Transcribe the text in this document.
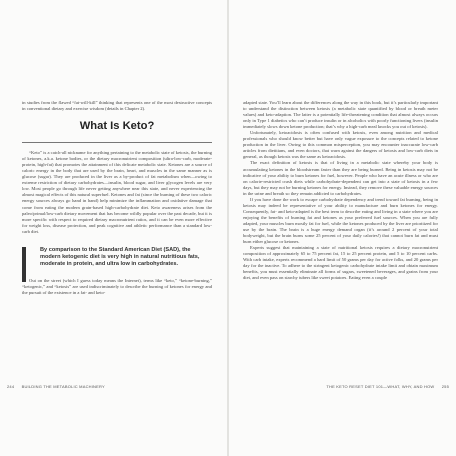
in studies from the flawed “fat-will-kill” thinking that represents one of the most destructive concepts in conventional dietary and exercise wisdom (details in Chapter 2).

What Is Keto?

“Keto” is a catch-all nickname for anything pertaining to the metabolic state of ketosis, the burning of ketones, a.k.a. ketone bodies, or the dietary macronutrient composition (ultra-low-carb, moderate-protein, high-fat) that promotes the attainment of this delicate metabolic state. Ketones are a source of caloric energy in the body that are used by the brain, heart, and muscles in the same manner as is glucose (sugar). They are produced in the liver as a by-product of fat metabolism when—owing to extreme restriction of dietary carbohydrates—insulin, blood sugar, and liver glycogen levels are very low. Most people go through life never getting anywhere near this state, and never experiencing the almost magical effects of this natural superfuel. Ketones and fat (since the burning of these two caloric energy sources always go hand in hand) help minimize the inflammation and oxidative damage that come from eating the modern grain-based high-carbohydrate diet. Keto awareness arises from the paleo/primal/low-carb dietary movement that has become wildly popular over the past decade, but it is more specific with respect to required dietary macronutrient ratios, and it can be even more effective for weight loss, disease protection, and peak cognitive and athletic performance than a standard low-carb diet.

By comparison to the Standard American Diet (SAD), the modern ketogenic diet is very high in natural nutritious fats, moderate in protein, and ultra low in carbohydrates.

Out on the street (which I guess today means the Internet), terms like “keto,” “ketone-burning,” “ketogenic,” and “ketosis” are used indiscriminately to describe the burning of ketones for energy and the pursuit of the existence in a fat- and keto-

244 BUILDING THE METABOLIC MACHINERY

adapted state. You’ll learn about the differences along the way in this book, but it’s particularly important to understand the distinction between ketosis (a metabolic state quantified by blood or breath meter values) and keto-adaption. The latter is a potentially life-threatening condition that almost always occurs only in Type 1 diabetics who can’t produce insulin or in alcoholics with poorly functioning livers (insulin immediately slows down ketone production; that’s why a high-carb meal knocks you out of ketosis).

Unfortunately, ketoacidosis is often confused with ketosis, even among nutrition and medical professionals who should know better but have only vague exposure to the concepts related to ketone production in the liver. Owing to this common misperception, you may encounter inaccurate low-carb articles from dietitians, and even doctors, that warn against the dangers of ketosis and low-carb diets in general, as though ketosis was the same as ketoacidosis.

The exact definition of ketosis is that of living in a metabolic state whereby your body is accumulating ketones in the bloodstream faster than they are being burned. Being in ketosis may not be indicative of your ability to burn ketones for fuel, however. People who have an acute illness or who are on calorie-restricted crash diets while carbohydrate-dependent can get into a state of ketosis in a few days, but they may not be burning ketones for energy. Instead, they remove these valuable energy sources in the urine and breath so they remain addicted to carbohydrates.

If you have done the work to escape carbohydrate dependency and trend toward fat burning, being in ketosis may indeed be representative of your ability to manufacture and burn ketones for energy. Consequently, fat- and keto-adapted is the best term to describe eating and living in a state where you are enjoying the benefits of burning fat and ketones as your preferred fuel sources. When you are fully adapted, your muscles burn mostly fat for fuel, while the ketones produced by the liver are prioritized for use by the brain. The brain is a huge energy demand organ (it’s around 2 percent of your total bodyweight, but the brain burns some 25 percent of your daily calories!) that cannot burn fat and must burn either glucose or ketones.

Experts suggest that maintaining a state of nutritional ketosis requires a dietary macronutrient composition of approximately 65 to 75 percent fat, 15 to 25 percent protein, and 5 to 10 percent carbs. With carb intake, experts recommend a hard limit of 50 grams per day for active folks, and 20 grams per day for the inactive. To adhere to the stringent ketogenic carbohydrate intake limit and obtain maximum benefits, you must essentially eliminate all forms of sugars, sweetened beverages, and grains from your diet, and even pass on starchy tubers like sweet potatoes. Eating even a couple

THE KETO RESET DIET 101—WHAT, WHY, AND HOW 255
